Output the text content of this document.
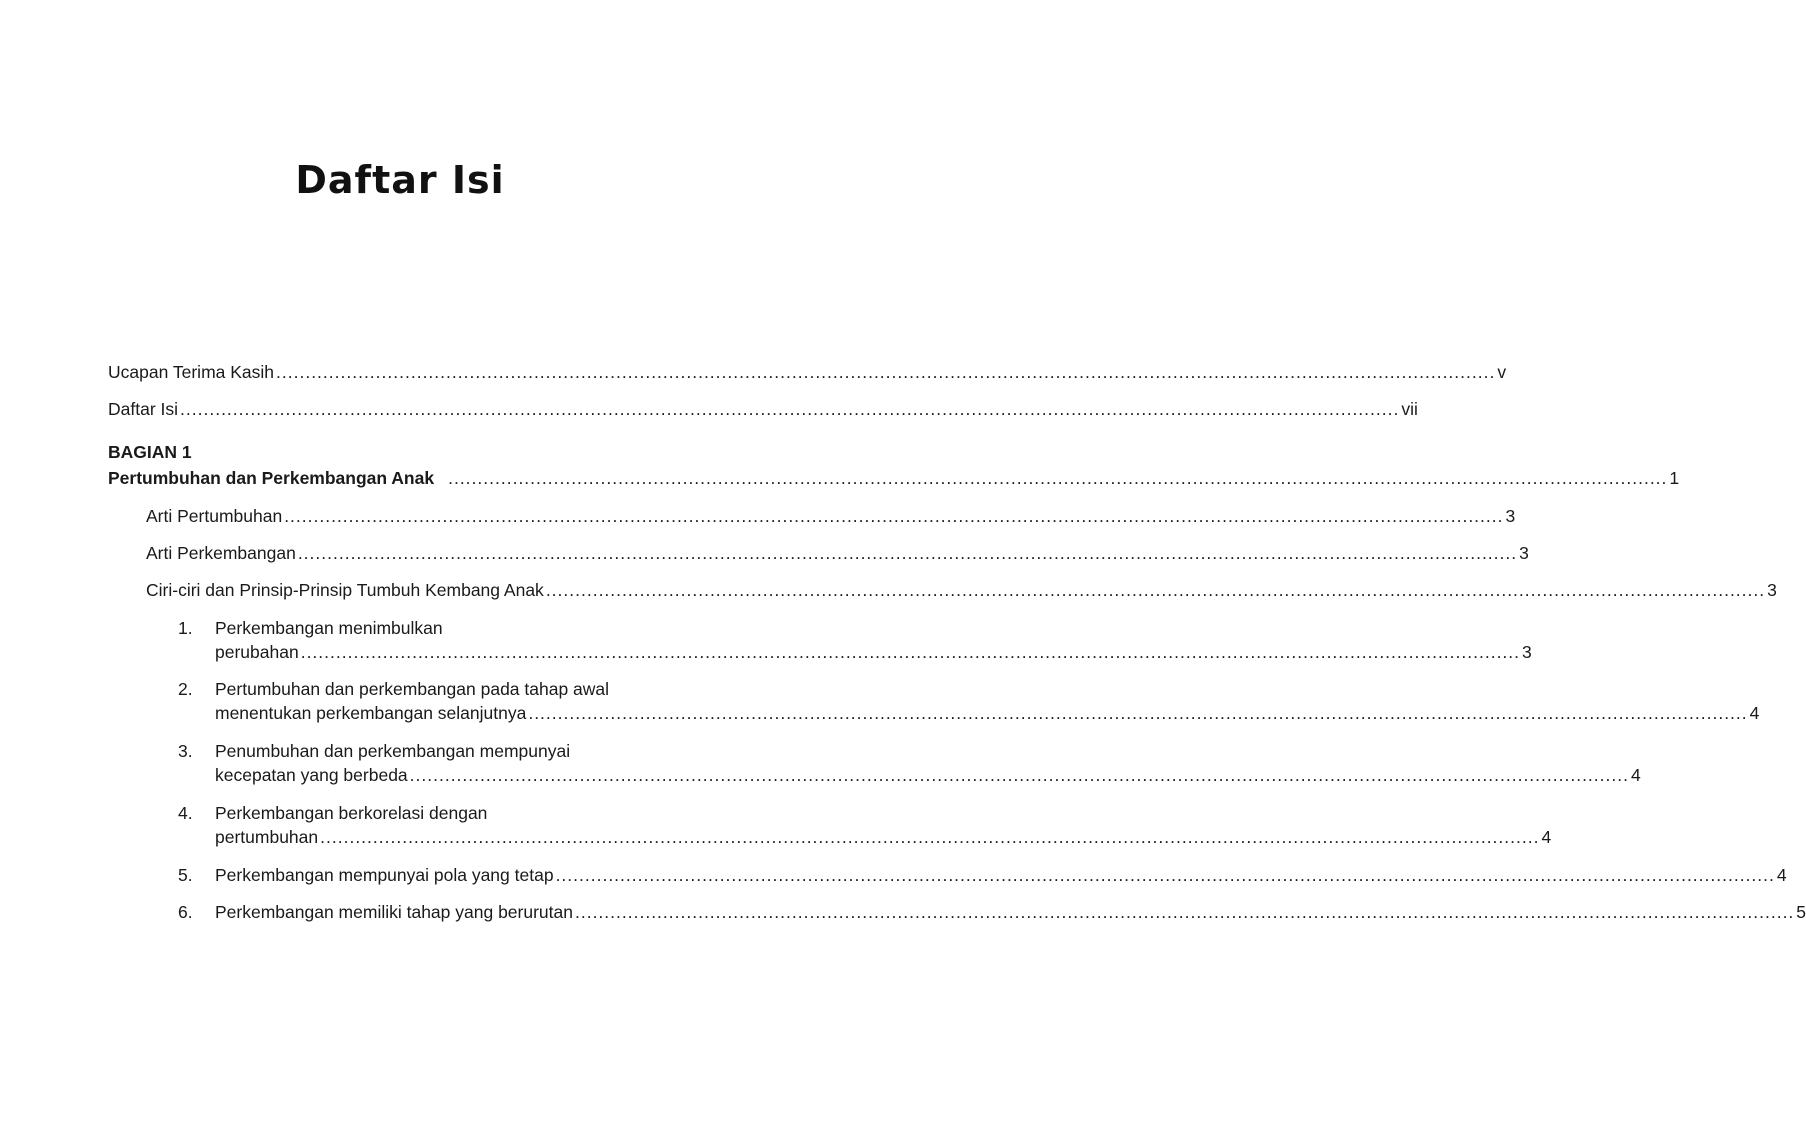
Daftar Isi
Ucapan Terima Kasih .....	v
Daftar Isi .....	vii
BAGIAN 1
Pertumbuhan dan Perkembangan Anak .....	1
Arti Pertumbuhan .....	3
Arti Perkembangan .....	3
Ciri-ciri dan Prinsip-Prinsip Tumbuh Kembang Anak .....	3
1.	Perkembangan menimbulkan
perubahan .....	3
2.	Pertumbuhan dan perkembangan pada tahap awal
menentukan perkembangan selanjutnya .....	4
3.	Penumbuhan dan perkembangan mempunyai
kecepatan yang berbeda .....	4
4.	Perkembangan berkorelasi dengan
pertumbuhan .....	4
5.	Perkembangan mempunyai pola yang tetap .....	4
6.	Perkembangan memiliki tahap yang berurutan .....	5
